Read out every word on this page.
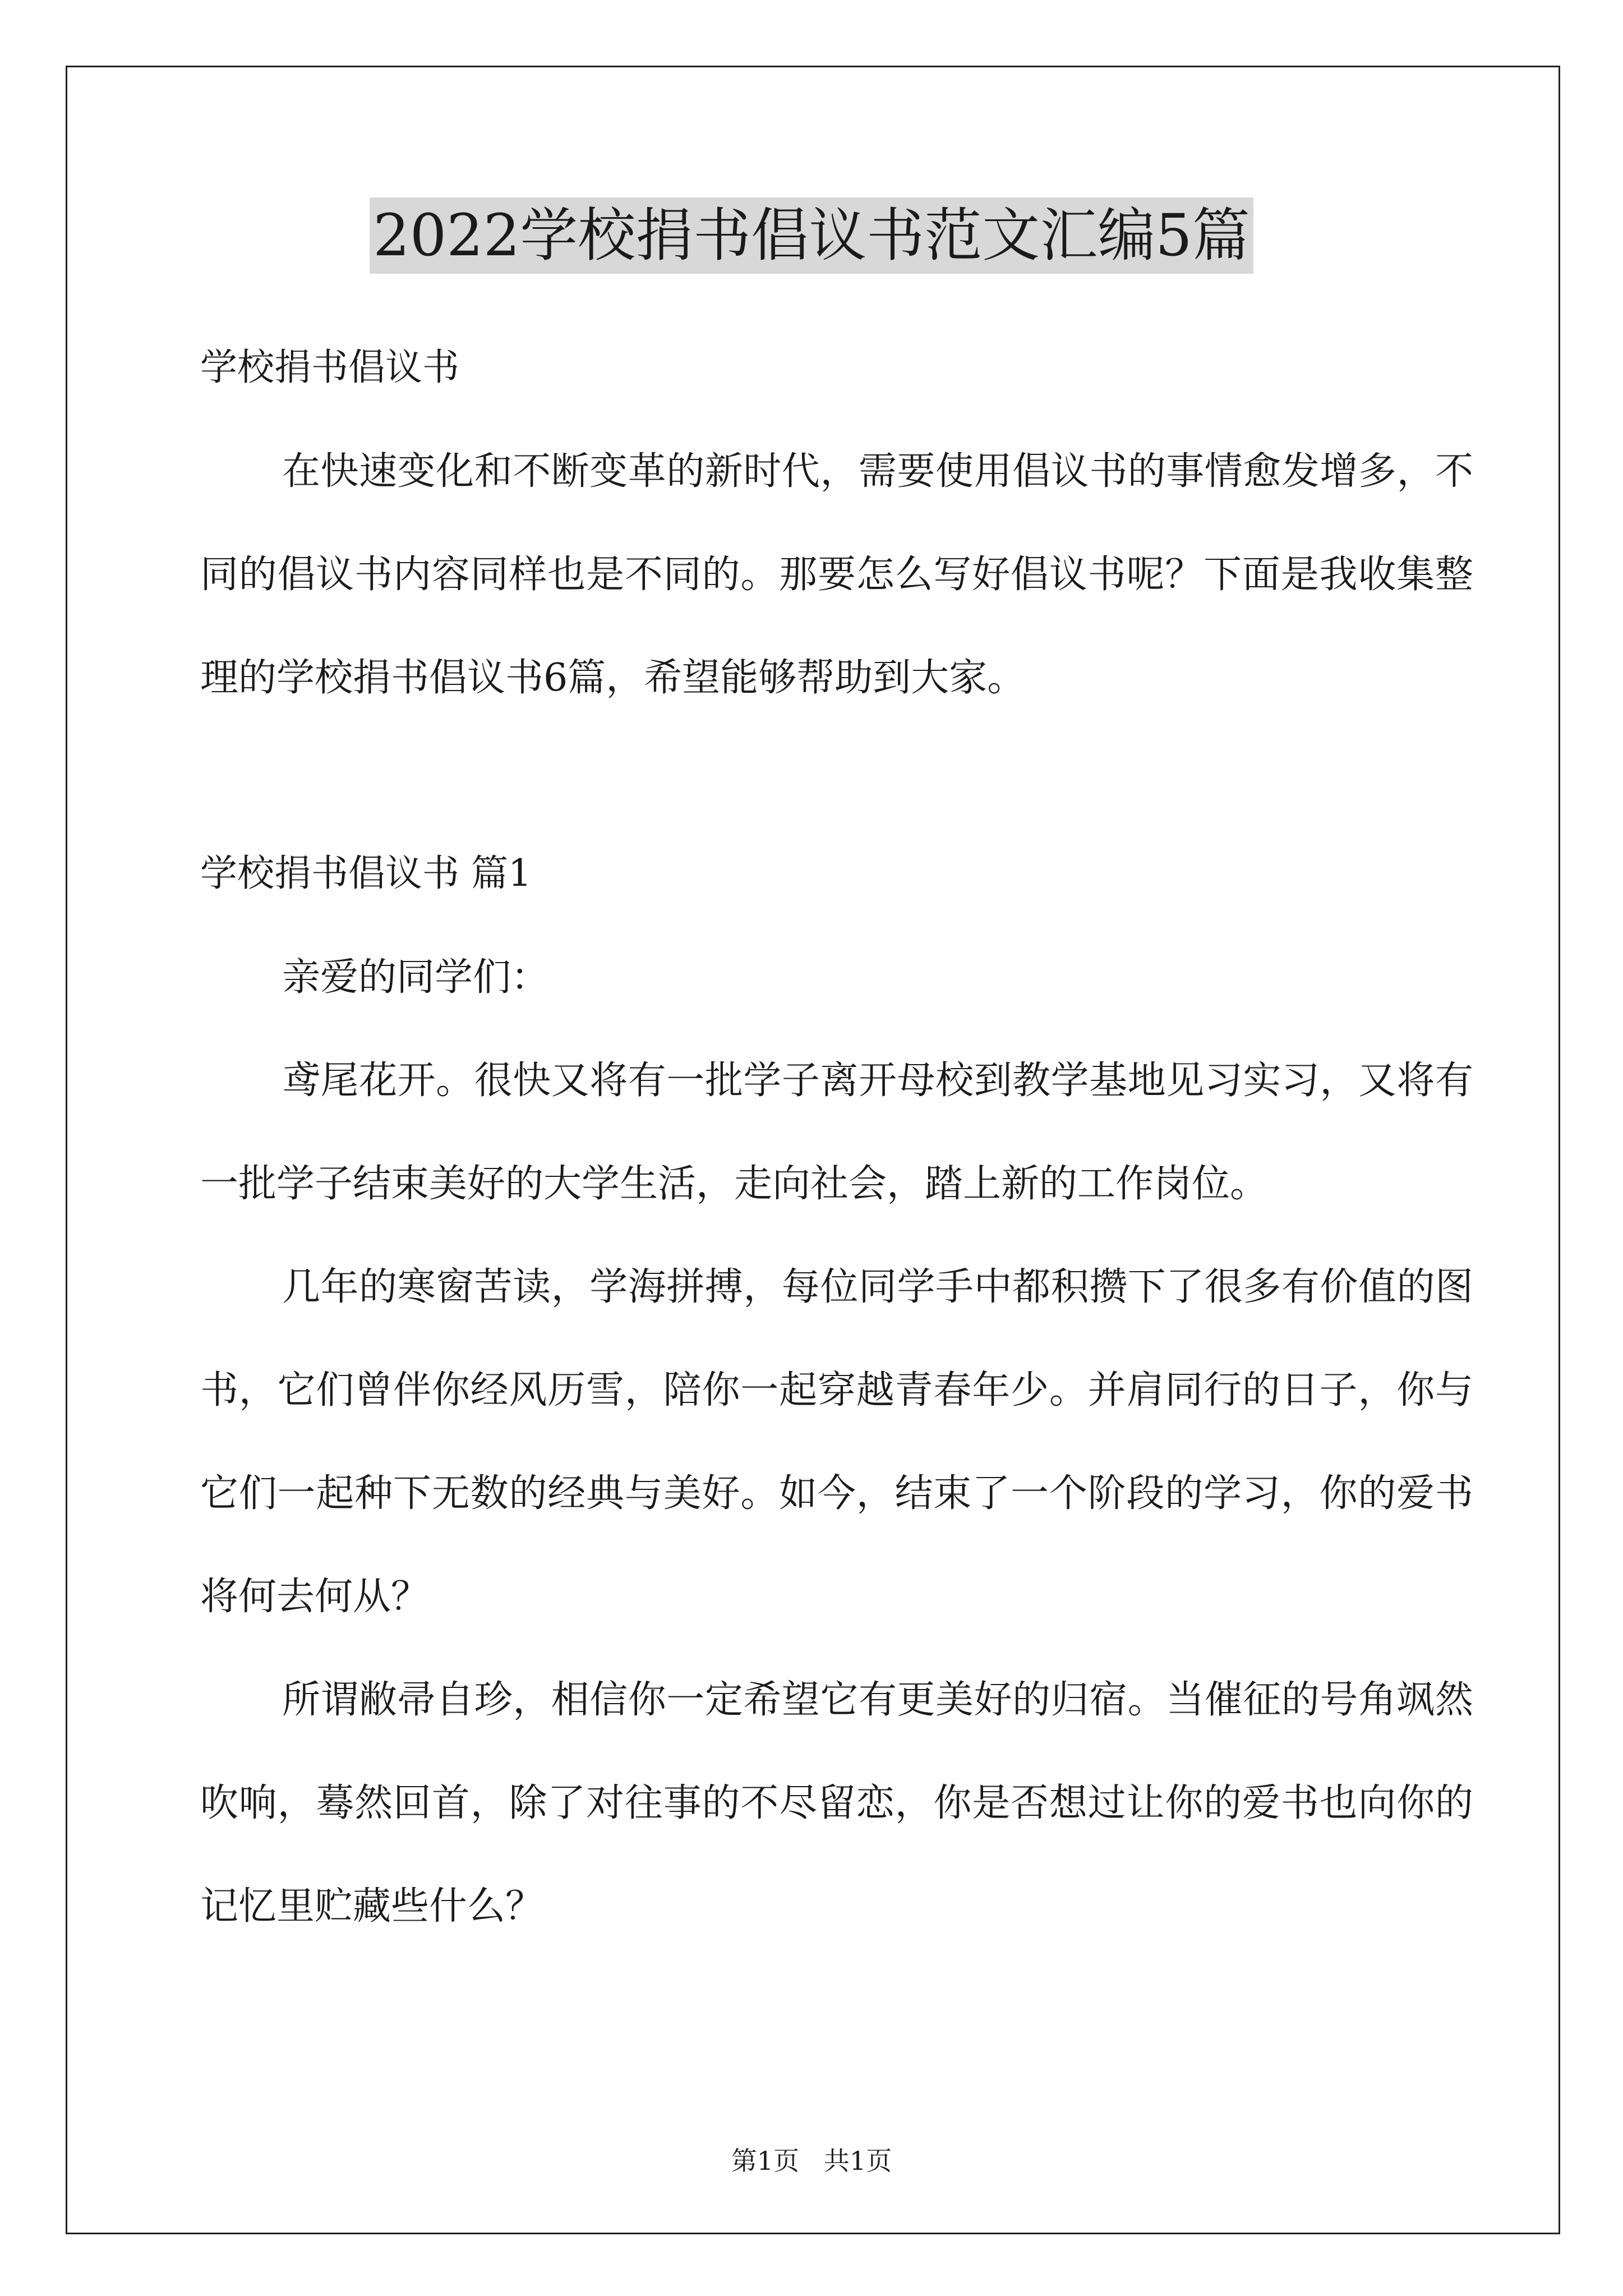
2022学校捐书倡议书范文汇编5篇

学校捐书倡议书

在快速变化和不断变革的新时代，需要使用倡议书的事情愈发增多，不同的倡议书内容同样也是不同的。那要怎么写好倡议书呢？下面是我收集整理的学校捐书倡议书6篇，希望能够帮助到大家。

学校捐书倡议书 篇1

亲爱的同学们：

鸢尾花开。很快又将有一批学子离开母校到教学基地见习实习，又将有一批学子结束美好的大学生活，走向社会，踏上新的工作岗位。

几年的寒窗苦读，学海拼搏，每位同学手中都积攒下了很多有价值的图书，它们曾伴你经风历雪，陪你一起穿越青春年少。并肩同行的日子，你与它们一起种下无数的经典与美好。如今，结束了一个阶段的学习，你的爱书将何去何从？

所谓敝帚自珍，相信你一定希望它有更美好的归宿。当催征的号角飒然吹响，蓦然回首，除了对往事的不尽留恋，你是否想过让你的爱书也向你的记忆里贮藏些什么？

第1页   共1页
